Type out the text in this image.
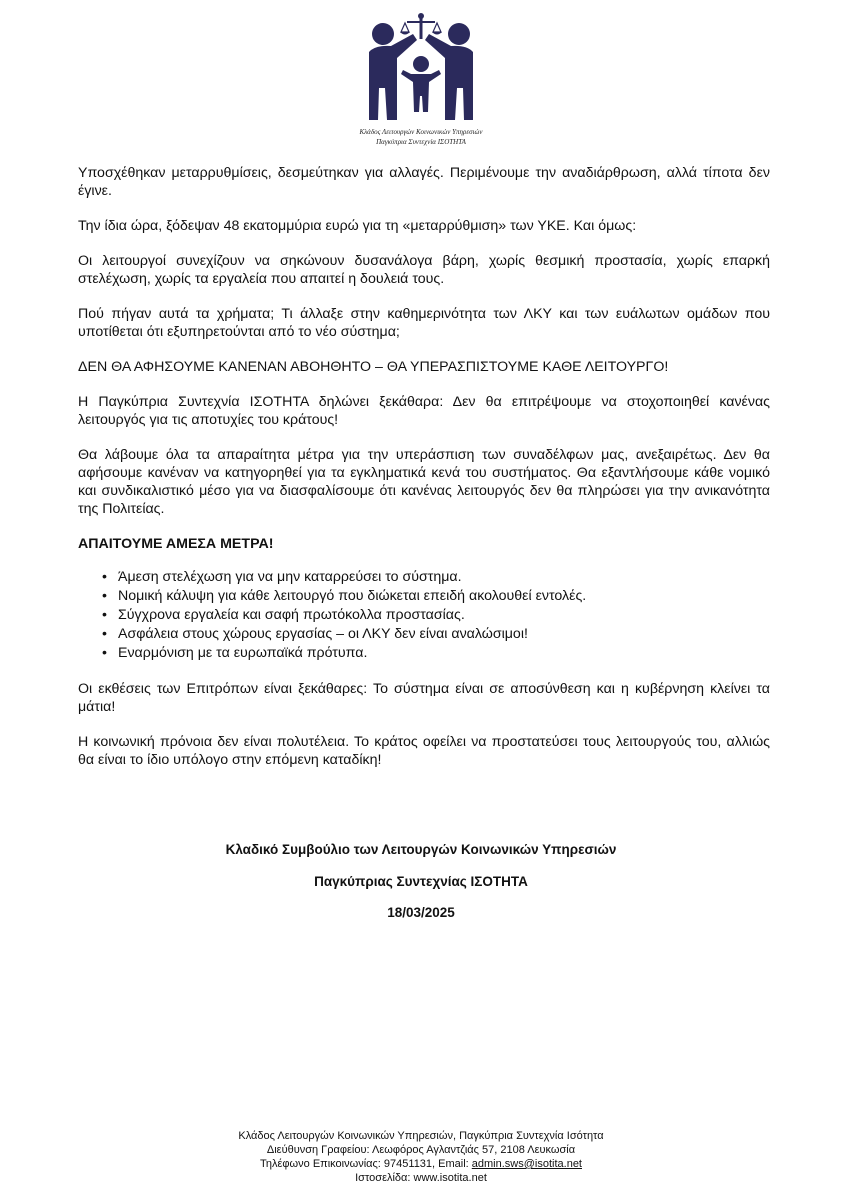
Κλάδος Λειτουργών Κοινωνικών Υπηρεσιών
Παγκύπρια Συντεχνία ΙΣΟΤΗΤΑ

Υποσχέθηκαν μεταρρυθμίσεις, δεσμεύτηκαν για αλλαγές. Περιμένουμε την αναδιάρθρωση, αλλά τίποτα δεν έγινε.

Την ίδια ώρα, ξόδεψαν 48 εκατομμύρια ευρώ για τη «μεταρρύθμιση» των ΥΚΕ. Και όμως:

Οι λειτουργοί συνεχίζουν να σηκώνουν δυσανάλογα βάρη, χωρίς θεσμική προστασία, χωρίς επαρκή στελέχωση, χωρίς τα εργαλεία που απαιτεί η δουλειά τους.

Πού πήγαν αυτά τα χρήματα; Τι άλλαξε στην καθημερινότητα των ΛΚΥ και των ευάλωτων ομάδων που υποτίθεται ότι εξυπηρετούνται από το νέο σύστημα;

ΔΕΝ ΘΑ ΑΦΗΣΟΥΜΕ ΚΑΝΕΝΑΝ ΑΒΟΗΘΗΤΟ – ΘΑ ΥΠΕΡΑΣΠΙΣΤΟΥΜΕ ΚΑΘΕ ΛΕΙΤΟΥΡΓΟ!

Η Παγκύπρια Συντεχνία ΙΣΟΤΗΤΑ δηλώνει ξεκάθαρα: Δεν θα επιτρέψουμε να στοχοποιηθεί κανένας λειτουργός για τις αποτυχίες του κράτους!

Θα λάβουμε όλα τα απαραίτητα μέτρα για την υπεράσπιση των συναδέλφων μας, ανεξαιρέτως. Δεν θα αφήσουμε κανέναν να κατηγορηθεί για τα εγκληματικά κενά του συστήματος. Θα εξαντλήσουμε κάθε νομικό και συνδικαλιστικό μέσο για να διασφαλίσουμε ότι κανένας λειτουργός δεν θα πληρώσει για την ανικανότητα της Πολιτείας.

ΑΠΑΙΤΟΥΜΕ ΑΜΕΣΑ ΜΕΤΡΑ!

• Άμεση στελέχωση για να μην καταρρεύσει το σύστημα.
• Νομική κάλυψη για κάθε λειτουργό που διώκεται επειδή ακολουθεί εντολές.
• Σύγχρονα εργαλεία και σαφή πρωτόκολλα προστασίας.
• Ασφάλεια στους χώρους εργασίας – οι ΛΚΥ δεν είναι αναλώσιμοι!
• Εναρμόνιση με τα ευρωπαϊκά πρότυπα.

Οι εκθέσεις των Επιτρόπων είναι ξεκάθαρες: Το σύστημα είναι σε αποσύνθεση και η κυβέρνηση κλείνει τα μάτια!

Η κοινωνική πρόνοια δεν είναι πολυτέλεια. Το κράτος οφείλει να προστατεύσει τους λειτουργούς του, αλλιώς θα είναι το ίδιο υπόλογο στην επόμενη καταδίκη!

Κλαδικό Συμβούλιο των Λειτουργών Κοινωνικών Υπηρεσιών
Παγκύπριας Συντεχνίας ΙΣΟΤΗΤΑ
18/03/2025
Κλάδος Λειτουργών Κοινωνικών Υπηρεσιών, Παγκύπρια Συντεχνία Ισότητα
Διεύθυνση Γραφείου: Λεωφόρος Αγλαντζιάς 57, 2108 Λευκωσία
Τηλέφωνο Επικοινωνίας: 97451131, Email: admin.sws@isotita.net
Ιστοσελίδα: www.isotita.net
